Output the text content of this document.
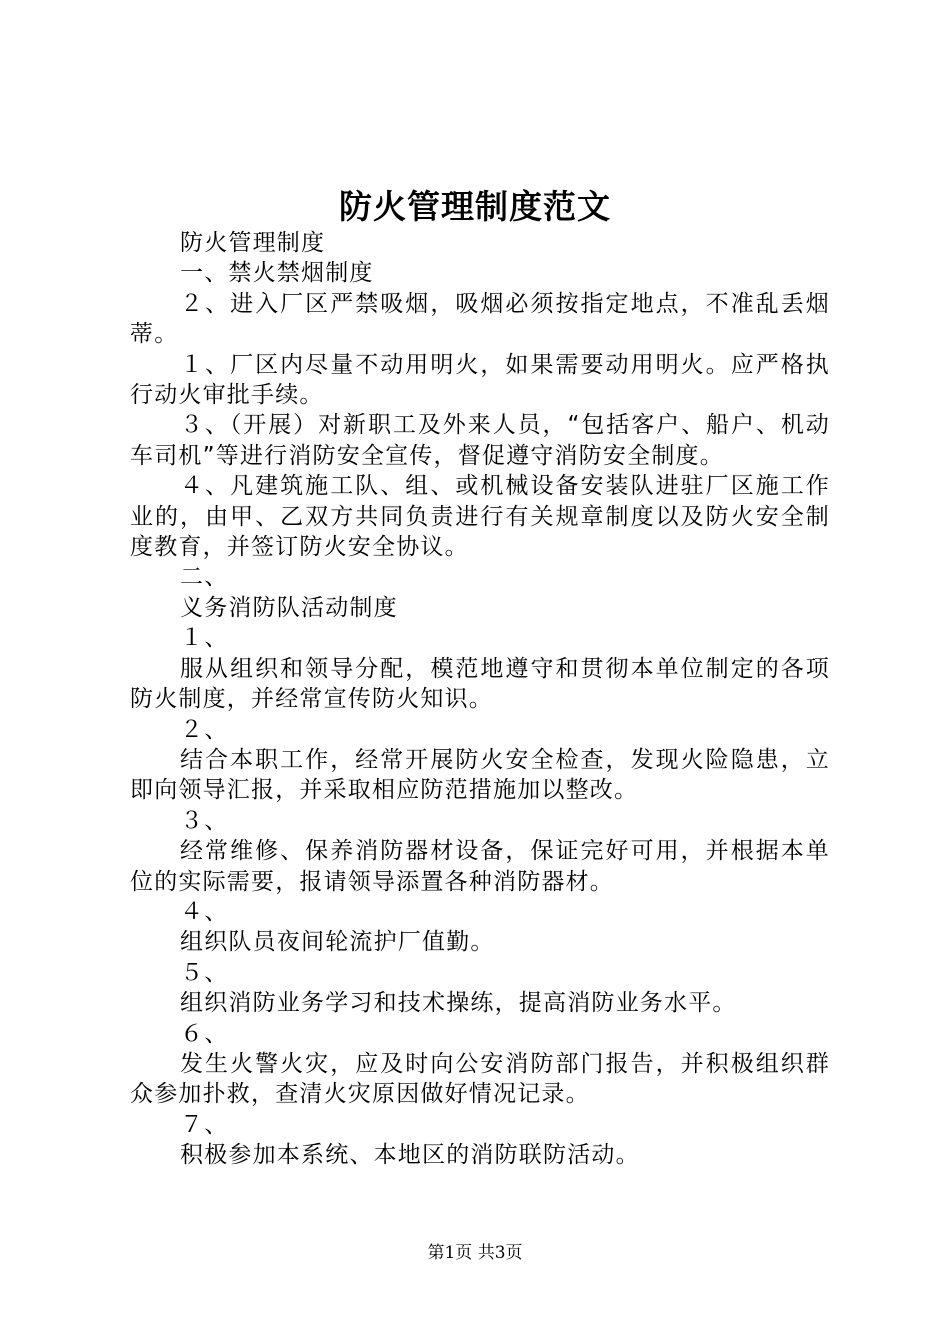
防火管理制度范文

防火管理制度

一、禁火禁烟制度

２、进入厂区严禁吸烟，吸烟必须按指定地点，不准乱丢烟蒂。

１、厂区内尽量不动用明火，如果需要动用明火。应严格执行动火审批手续。

３、（开展）对新职工及外来人员，“包括客户、船户、机动车司机”等进行消防安全宣传，督促遵守消防安全制度。

４、凡建筑施工队、组、或机械设备安装队进驻厂区施工作业的，由甲、乙双方共同负责进行有关规章制度以及防火安全制度教育，并签订防火安全协议。

二、

义务消防队活动制度

１、

服从组织和领导分配，模范地遵守和贯彻本单位制定的各项防火制度，并经常宣传防火知识。

２、

结合本职工作，经常开展防火安全检查，发现火险隐患，立即向领导汇报，并采取相应防范措施加以整改。

３、

经常维修、保养消防器材设备，保证完好可用，并根据本单位的实际需要，报请领导添置各种消防器材。

４、

组织队员夜间轮流护厂值勤。

５、

组织消防业务学习和技术操练，提高消防业务水平。

６、

发生火警火灾，应及时向公安消防部门报告，并积极组织群众参加扑救，查清火灾原因做好情况记录。

７、

积极参加本系统、本地区的消防联防活动。

第1页 共3页
